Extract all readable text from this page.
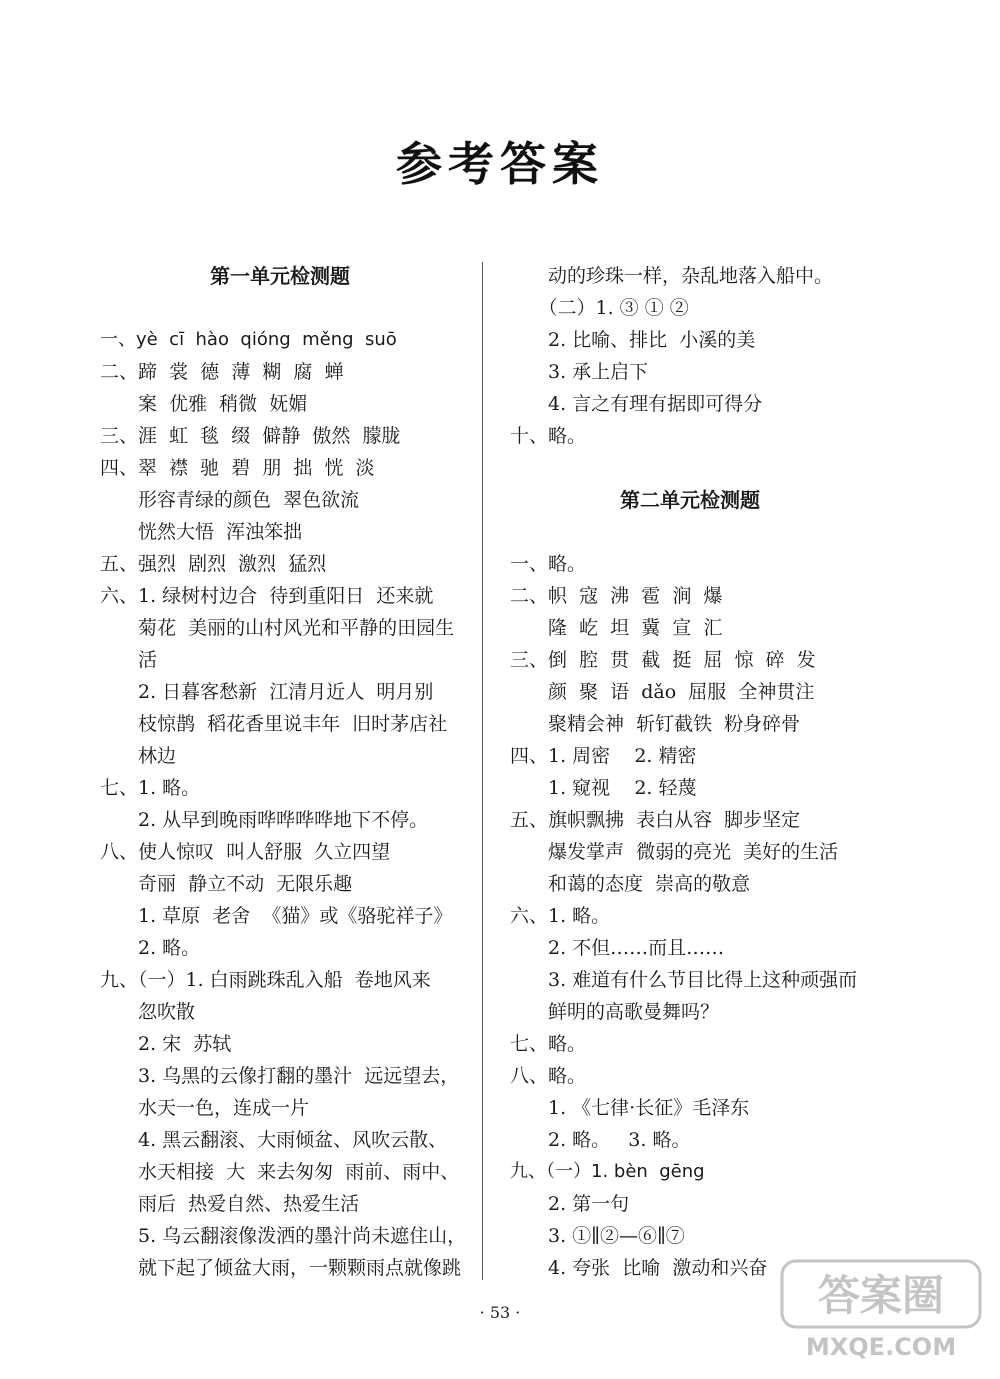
参考答案
第一单元检测题
一、yè  cī  hào  qióng  měng  suō
二、蹄  裳  德  薄  糊  腐  蝉
　　案  优雅  稍微  妩媚
三、涯  虹  毯  缀  僻静  傲然  朦胧
四、翠  襟  驰  碧  朋  拙  恍  淡
　　形容青绿的颜色  翠色欲流
　　恍然大悟  浑浊笨拙
五、强烈  剧烈  激烈  猛烈
六、1. 绿树村边合  待到重阳日  还来就
　　菊花  美丽的山村风光和平静的田园生
　　活
　　2. 日暮客愁新  江清月近人  明月别
　　枝惊鹊  稻花香里说丰年  旧时茅店社
　　林边
七、1. 略。
　　2. 从早到晚雨哗哗哗哗地下不停。
八、使人惊叹  叫人舒服  久立四望
　　奇丽  静立不动  无限乐趣
　　1. 草原  老舍  《猫》或《骆驼祥子》
　　2. 略。
九、（一）1. 白雨跳珠乱入船  卷地风来
　　忽吹散
　　2. 宋  苏轼
　　3. 乌黑的云像打翻的墨汁  远远望去，
　　水天一色，连成一片
　　4. 黑云翻滚、大雨倾盆、风吹云散、
　　水天相接  大  来去匆匆  雨前、雨中、
　　雨后  热爱自然、热爱生活
　　5. 乌云翻滚像泼洒的墨汁尚未遮住山，
　　就下起了倾盆大雨，一颗颗雨点就像跳
　　动的珍珠一样，杂乱地落入船中。
　　（二）1. ③ ① ②
　　2. 比喻、排比  小溪的美
　　3. 承上启下
　　4. 言之有理有据即可得分
十、略。
第二单元检测题
一、略。
二、帜  寇  沸  雹  涧  爆
　　隆  屹  坦  冀  宣  汇
三、倒  腔  贯  截  挺  屈  惊  碎  发
　　颜  聚  语  dǎo  屈服  全神贯注
　　聚精会神  斩钉截铁  粉身碎骨
四、1. 周密    2. 精密
　　1. 窥视    2. 轻蔑
五、旗帜飘拂  表白从容  脚步坚定
　　爆发掌声  微弱的亮光  美好的生活
　　和蔼的态度  崇高的敬意
六、1. 略。
　　2. 不但……而且……
　　3. 难道有什么节目比得上这种顽强而
　　鲜明的高歌曼舞吗？
七、略。
八、略。
　　1. 《七律·长征》毛泽东
　　2. 略。   3. 略。
九、（一）1. bèn  gēng
　　2. 第一句
　　3. ①∥②—⑥∥⑦
　　4. 夸张  比喻  激动和兴奋
· 53 ·	答案圈
MXQE.COM
